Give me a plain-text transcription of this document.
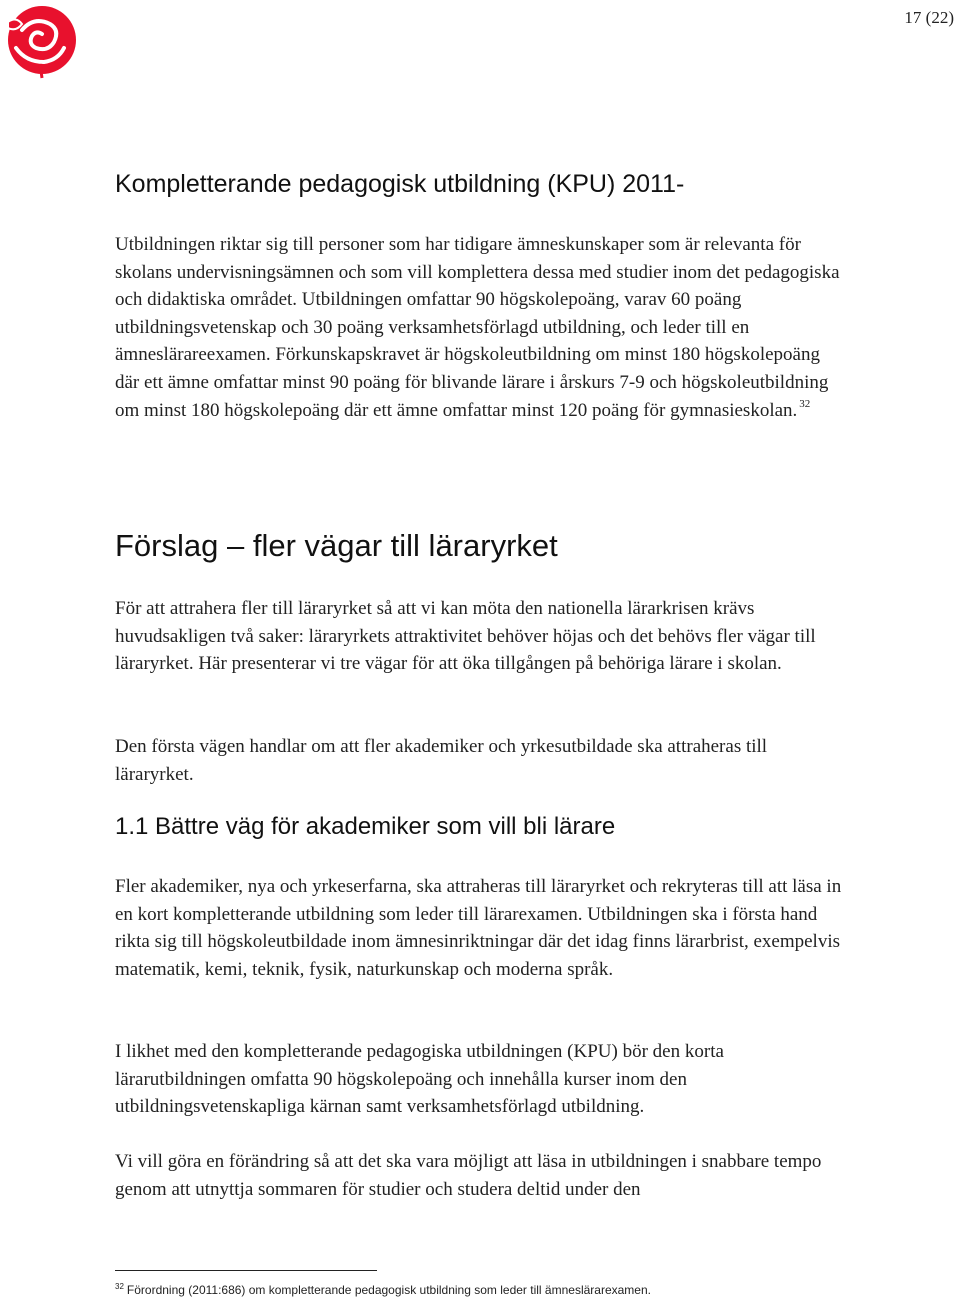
17 (22)
Kompletterande pedagogisk utbildning (KPU) 2011-

Utbildningen riktar sig till personer som har tidigare ämneskunskaper som är relevanta för skolans undervisningsämnen och som vill komplettera dessa med studier inom det pedagogiska och didaktiska området. Utbildningen omfattar 90 högskolepoäng, varav 60 poäng utbildningsvetenskap och 30 poäng verksamhetsförlagd utbildning, och leder till en ämneslärareexamen. Förkunskapskravet är högskoleutbildning om minst 180 högskolepoäng där ett ämne omfattar minst 90 poäng för blivande lärare i årskurs 7-9 och högskoleutbildning om minst 180 högskolepoäng där ett ämne omfattar minst 120 poäng för gymnasieskolan. $^{32}$

Förslag – fler vägar till läraryrket

För att attrahera fler till läraryrket så att vi kan möta den nationella lärarkrisen krävs huvudsakligen två saker: läraryrkets attraktivitet behöver höjas och det behövs fler vägar till läraryrket. Här presenterar vi tre vägar för att öka tillgången på behöriga lärare i skolan.

Den första vägen handlar om att fler akademiker och yrkesutbildade ska attraheras till läraryrket.

1.1 Bättre väg för akademiker som vill bli lärare

Fler akademiker, nya och yrkeserfarna, ska attraheras till läraryrket och rekryteras till att läsa in en kort kompletterande utbildning som leder till lärarexamen. Utbildningen ska i första hand rikta sig till högskoleutbildade inom ämnesinriktningar där det idag finns lärarbrist, exempelvis matematik, kemi, teknik, fysik, naturkunskap och moderna språk.

I likhet med den kompletterande pedagogiska utbildningen (KPU) bör den korta lärarutbildningen omfatta 90 högskolepoäng och innehålla kurser inom den utbildningsvetenskapliga kärnan samt verksamhetsförlagd utbildning.

Vi vill göra en förändring så att det ska vara möjligt att läsa in utbildningen i snabbare tempo genom att utnyttja sommaren för studier och studera deltid under den

$^{32}$ Förordning (2011:686) om kompletterande pedagogisk utbildning som leder till ämneslärarexamen.
